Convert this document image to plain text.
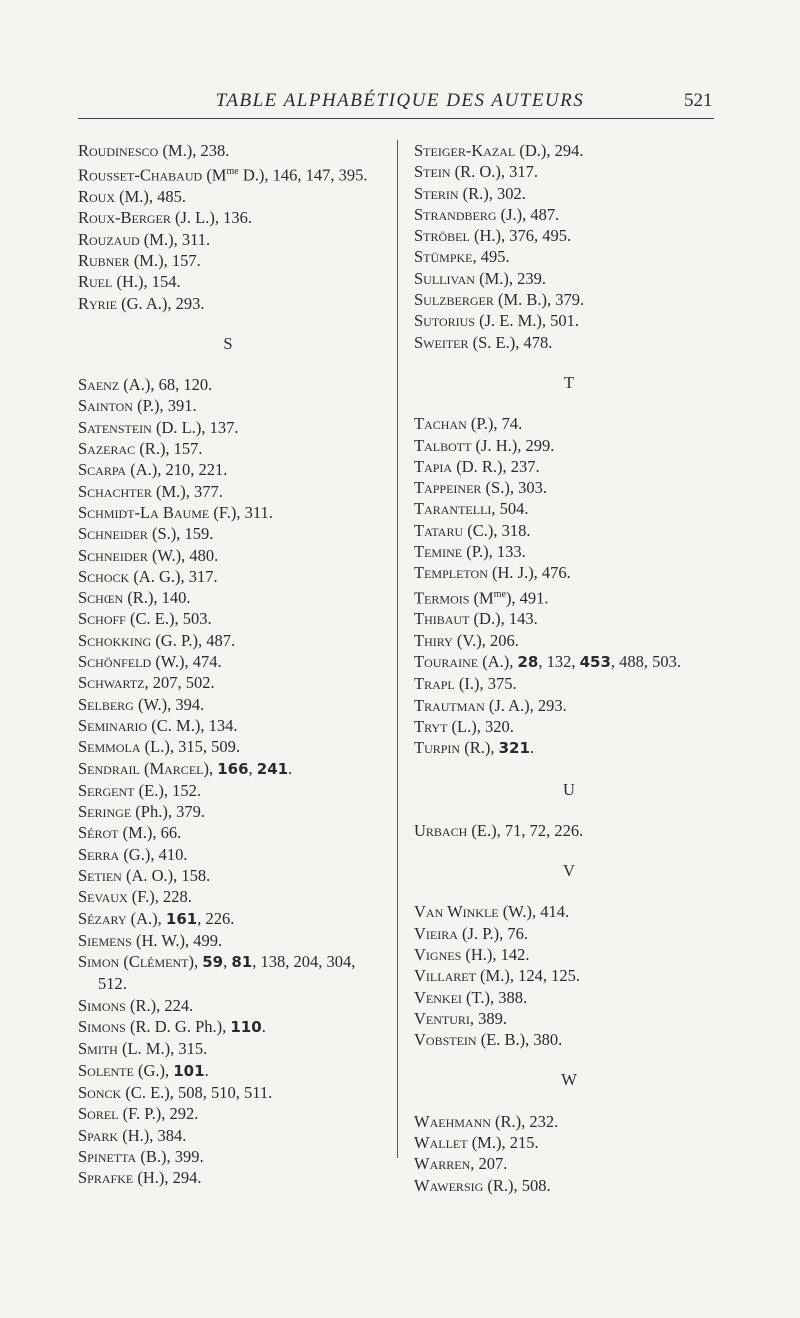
TABLE ALPHABÉTIQUE DES AUTEURS	521
Roudinesco (M.), 238.
Rousset-Chabaud ($M^{me}$ D.), 146, 147, 395.
Roux (M.), 485.
Roux-Berger (J. L.), 136.
Rouzaud (M.), 311.
Rubner (M.), 157.
Ruel (H.), 154.
Ryrie (G. A.), 293.
S
Saenz (A.), 68, 120.
Sainton (P.), 391.
Satenstein (D. L.), 137.
Sazerac (R.), 157.
Scarpa (A.), 210, 221.
Schachter (M.), 377.
Schmidt-La Baume (F.), 311.
Schneider (S.), 159.
Schneider (W.), 480.
Schock (A. G.), 317.
Schœn (R.), 140.
Schoff (C. E.), 503.
Schokking (G. P.), 487.
Schönfeld (W.), 474.
Schwartz, 207, 502.
Selberg (W.), 394.
Seminario (C. M.), 134.
Semmola (L.), 315, 509.
Sendrail (Marcel), 166, 241.
Sergent (E.), 152.
Seringe (Ph.), 379.
Sérot (M.), 66.
Serra (G.), 410.
Setien (A. O.), 158.
Sevaux (F.), 228.
Sézary (A.), 161, 226.
Siemens (H. W.), 499.
Simon (Clément), 59, 81, 138, 204, 304, 512.
Simons (R.), 224.
Simons (R. D. G. Ph.), 110.
Smith (L. M.), 315.
Solente (G.), 101.
Sonck (C. E.), 508, 510, 511.
Sorel (F. P.), 292.
Spark (H.), 384.
Spinetta (B.), 399.
Sprafke (H.), 294.
Steiger-Kazal (D.), 294.
Stein (R. O.), 317.
Sterin (R.), 302.
Strandberg (J.), 487.
Ströbel (H.), 376, 495.
Stümpke, 495.
Sullivan (M.), 239.
Sulzberger (M. B.), 379.
Sutorius (J. E. M.), 501.
Sweiter (S. E.), 478.
T
Tachan (P.), 74.
Talbott (J. H.), 299.
Tapia (D. R.), 237.
Tappeiner (S.), 303.
Tarantelli, 504.
Tataru (C.), 318.
Temine (P.), 133.
Templeton (H. J.), 476.
Termois $(M^{me})$, 491.
Thibaut (D.), 143.
Thiry (V.), 206.
Touraine (A.), 28, 132, 453, 488, 503.
Trapl (I.), 375.
Trautman (J. A.), 293.
Tryt (L.), 320.
Turpin (R.), 321.
U
Urbach (E.), 71, 72, 226.
V
Van Winkle (W.), 414.
Vieira (J. P.), 76.
Vignes (H.), 142.
Villaret (M.), 124, 125.
Venkei (T.), 388.
Venturi, 389.
Vobstein (E. B.), 380.
W
Waehmann (R.), 232.
Wallet (M.), 215.
Warren, 207.
Wawersig (R.), 508.
